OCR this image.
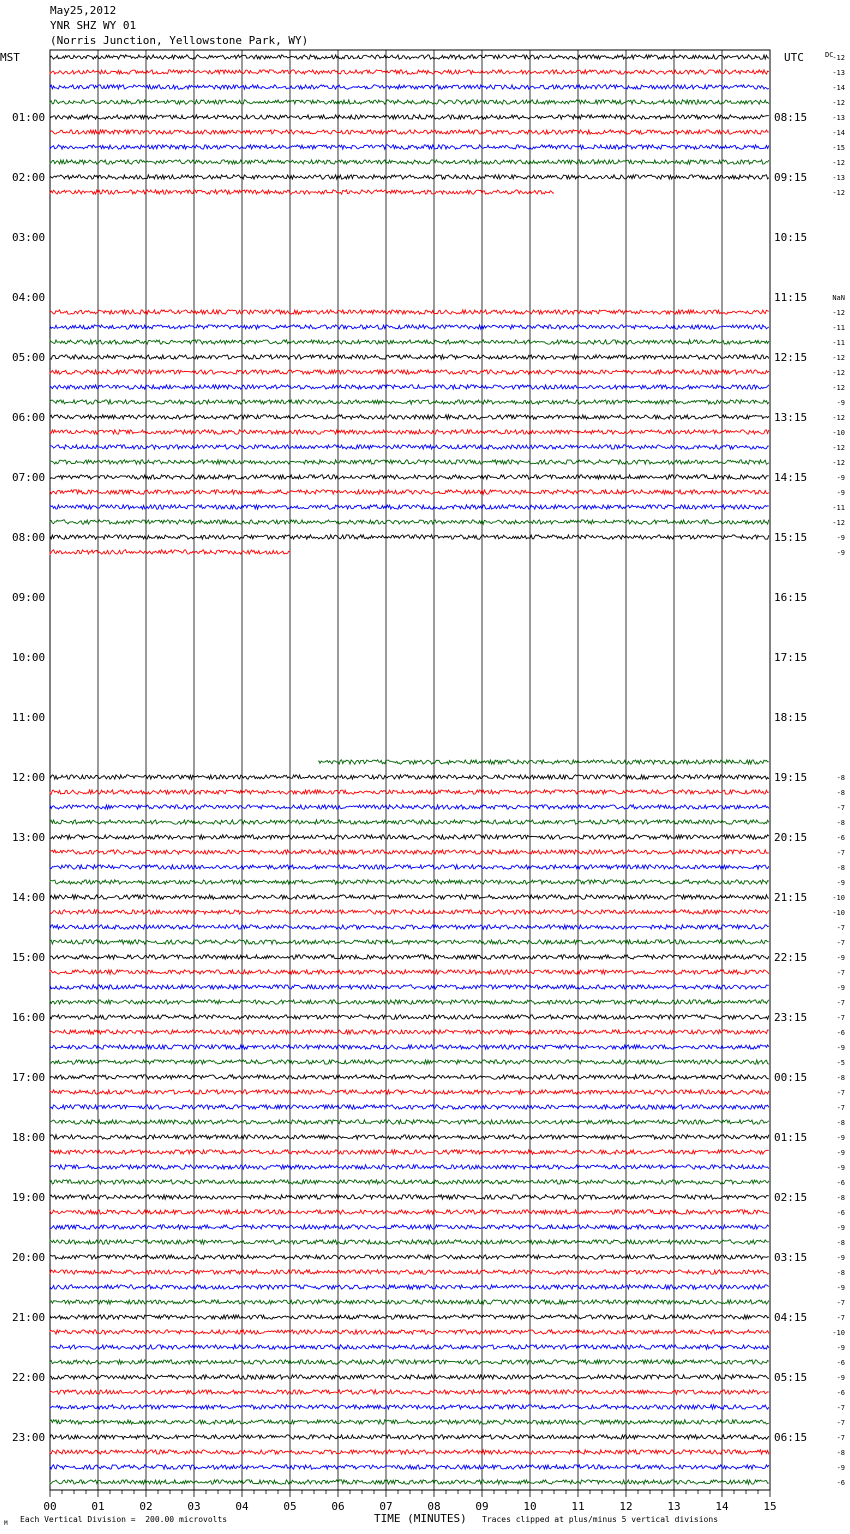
May25,2012
YNR SHZ WY 01
(Norris Junction, Yellowstone Park, WY)
00	01	02	03	04	05	06	07	08	09	10	11	12	13	14	15
MST	UTC	DC
01:00	08:15
02:00	09:15
03:00	10:15
04:00	11:15
05:00	12:15
06:00	13:15
07:00	14:15
08:00	15:15
09:00	16:15
10:00	17:15
11:00	18:15
12:00	19:15
13:00	20:15
14:00	21:15
15:00	22:15
16:00	23:15
17:00	00:15
18:00	01:15
19:00	02:15
20:00	03:15
21:00	04:15
22:00	05:15
23:00	06:15
-12
-13
-14
-12
-13
-14
-15
-12
-13
-12
NaN
-12
-11
-11
-12
-12
-12
-9
-12
-10
-12
-12
-9
-9
-11
-12
-9
-9
-8
-8
-7
-8
-6
-7
-8
-9
-10
-10
-7
-7
-9
-7
-9
-7
-7
-6
-9
-5
-8
-7
-7
-8
-9
-9
-9
-6
-8
-6
-9
-8
-9
-8
-9
-7
-7
-10
-9
-6
-9
-6
-7
-7
-7
-8
-9
-6
M Each Vertical Division =  200.00 microvolts	TIME (MINUTES) Traces clipped at plus/minus 5 vertical divisions
